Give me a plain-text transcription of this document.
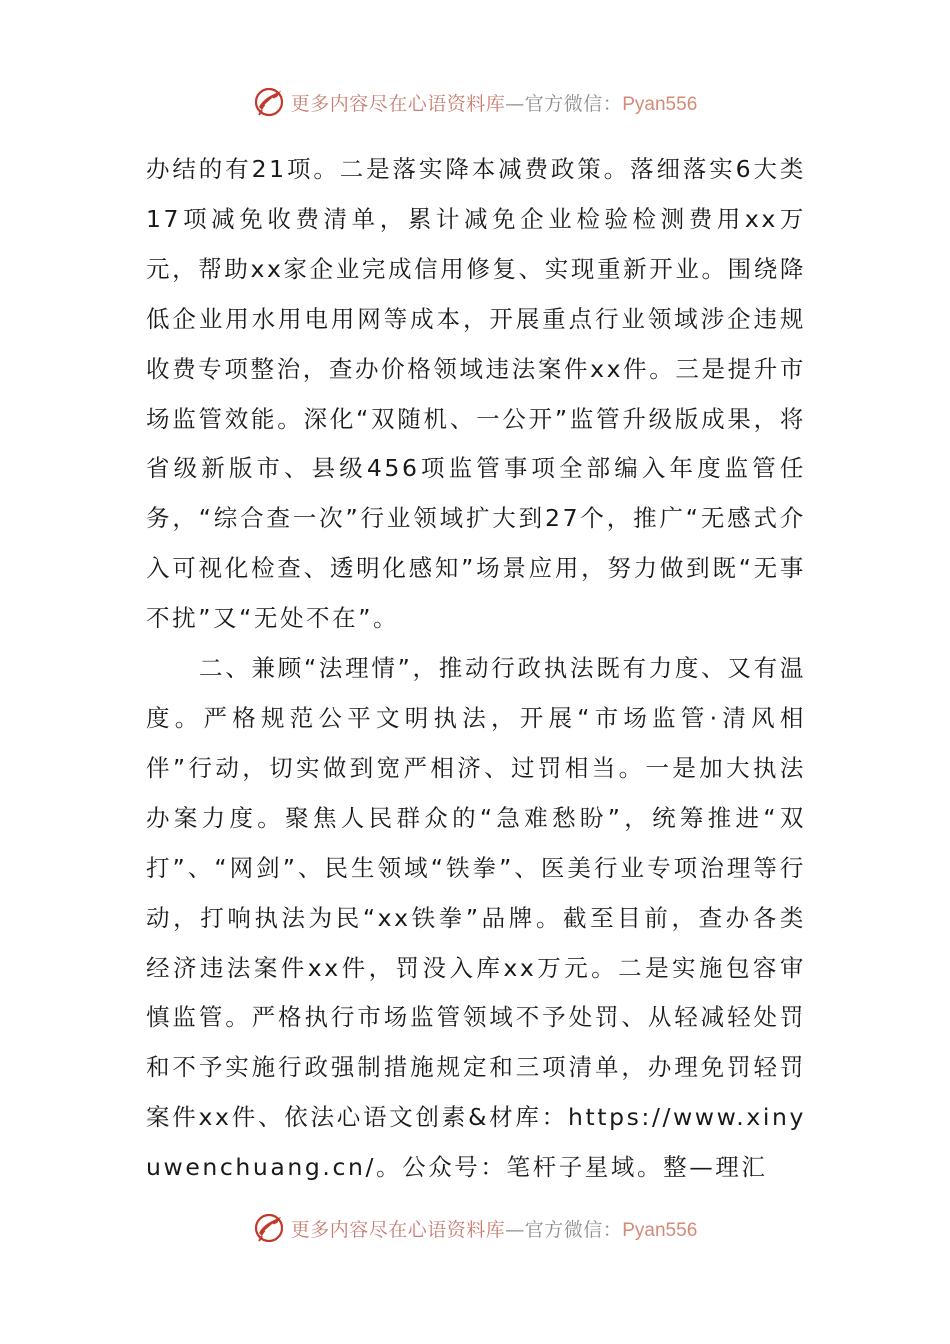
更多内容尽在心语资料库—官方微信：Pyan556

办结的有21项。二是落实降本减费政策。落细落实6大类17项减免收费清单，累计减免企业检验检测费用xx万元，帮助xx家企业完成信用修复、实现重新开业。围绕降低企业用水用电用网等成本，开展重点行业领域涉企违规收费专项整治，查办价格领域违法案件xx件。三是提升市场监管效能。深化“双随机、一公开”监管升级版成果，将省级新版市、县级456项监管事项全部编入年度监管任务，“综合查一次”行业领域扩大到27个，推广“无感式介入可视化检查、透明化感知”场景应用，努力做到既“无事不扰”又“无处不在”。

二、兼顾“法理情”，推动行政执法既有力度、又有温度。严格规范公平文明执法，开展“市场监管·清风相伴”行动，切实做到宽严相济、过罚相当。一是加大执法办案力度。聚焦人民群众的“急难愁盼”，统筹推进“双打”、“网剑”、民生领域“铁拳”、医美行业专项治理等行动，打响执法为民“xx铁拳”品牌。截至目前，查办各类经济违法案件xx件，罚没入库xx万元。二是实施包容审慎监管。严格执行市场监管领域不予处罚、从轻减轻处罚和不予实施行政强制措施规定和三项清单，办理免罚轻罚案件xx件、依法心语文创素&材库：https://www.xinyuwenchuang.cn/。公众号：笔杆子星域。整—理汇

更多内容尽在心语资料库—官方微信：Pyan556
